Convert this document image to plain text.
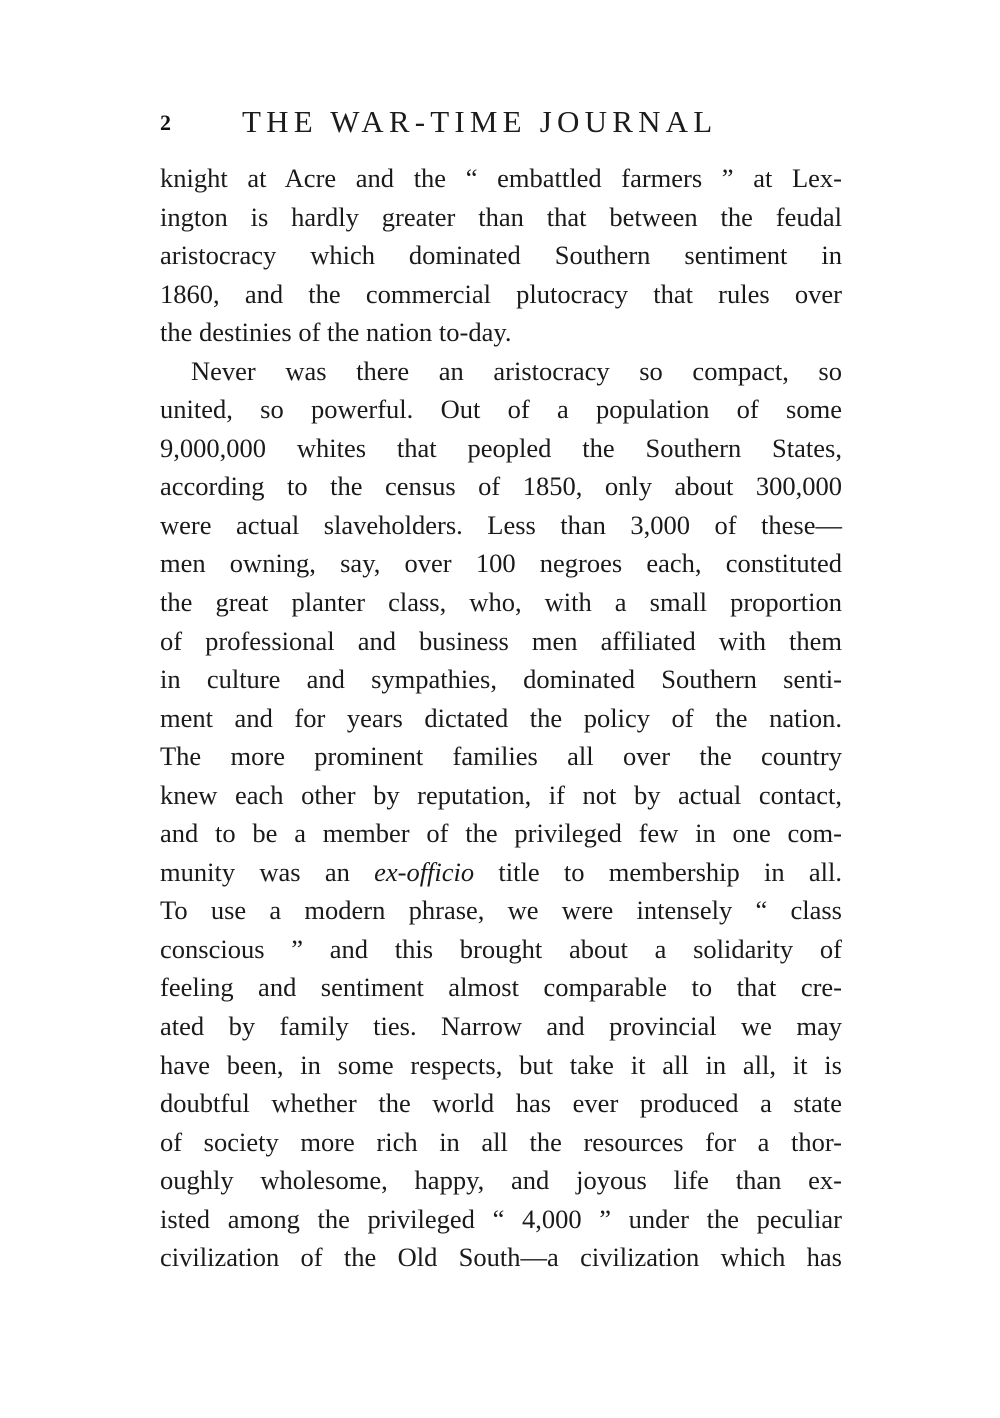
2 THE WAR-TIME JOURNAL
knight at Acre and the “ embattled farmers ” at Lex-
ington is hardly greater than that between the feudal
aristocracy which dominated Southern sentiment in
1860, and the commercial plutocracy that rules over
the destinies of the nation to-day.
Never was there an aristocracy so compact, so
united, so powerful. Out of a population of some
9,000,000 whites that peopled the Southern States,
according to the census of 1850, only about 300,000
were actual slaveholders. Less than 3,000 of these—
men owning, say, over 100 negroes each, constituted
the great planter class, who, with a small proportion
of professional and business men affiliated with them
in culture and sympathies, dominated Southern senti-
ment and for years dictated the policy of the nation.
The more prominent families all over the country
knew each other by reputation, if not by actual contact,
and to be a member of the privileged few in one com-
munity was an ex-officio title to membership in all.
To use a modern phrase, we were intensely “ class
conscious ” and this brought about a solidarity of
feeling and sentiment almost comparable to that cre-
ated by family ties. Narrow and provincial we may
have been, in some respects, but take it all in all, it is
doubtful whether the world has ever produced a state
of society more rich in all the resources for a thor-
oughly wholesome, happy, and joyous life than ex-
isted among the privileged “ 4,000 ” under the peculiar
civilization of the Old South—a civilization which has
